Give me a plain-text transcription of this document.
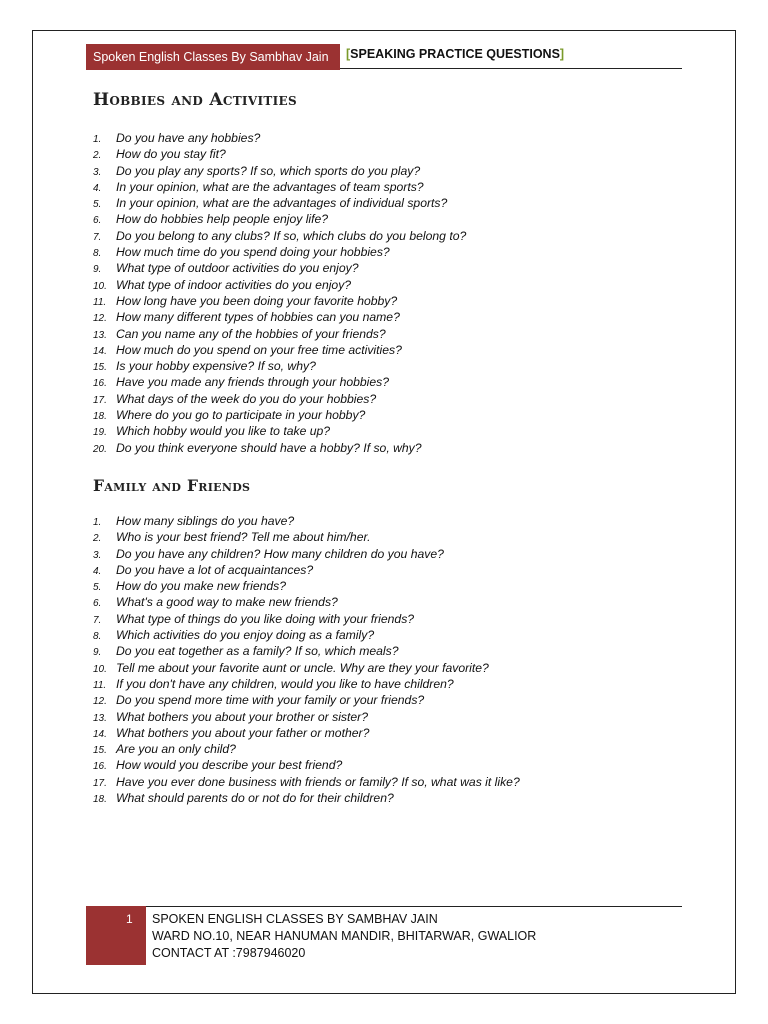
Spoken English Classes By Sambhav Jain	[SPEAKING PRACTICE QUESTIONS]
Hobbies and Activities
1. Do you have any hobbies?
2. How do you stay fit?
3. Do you play any sports? If so, which sports do you play?
4. In your opinion, what are the advantages of team sports?
5. In your opinion, what are the advantages of individual sports?
6. How do hobbies help people enjoy life?
7. Do you belong to any clubs? If so, which clubs do you belong to?
8. How much time do you spend doing your hobbies?
9. What type of outdoor activities do you enjoy?
10. What type of indoor activities do you enjoy?
11. How long have you been doing your favorite hobby?
12. How many different types of hobbies can you name?
13. Can you name any of the hobbies of your friends?
14. How much do you spend on your free time activities?
15. Is your hobby expensive? If so, why?
16. Have you made any friends through your hobbies?
17. What days of the week do you do your hobbies?
18. Where do you go to participate in your hobby?
19. Which hobby would you like to take up?
20. Do you think everyone should have a hobby? If so, why?
Family and Friends
1. How many siblings do you have?
2. Who is your best friend? Tell me about him/her.
3. Do you have any children? How many children do you have?
4. Do you have a lot of acquaintances?
5. How do you make new friends?
6. What's a good way to make new friends?
7. What type of things do you like doing with your friends?
8. Which activities do you enjoy doing as a family?
9. Do you eat together as a family? If so, which meals?
10. Tell me about your favorite aunt or uncle. Why are they your favorite?
11. If you don't have any children, would you like to have children?
12. Do you spend more time with your family or your friends?
13. What bothers you about your brother or sister?
14. What bothers you about your father or mother?
15. Are you an only child?
16. How would you describe your best friend?
17. Have you ever done business with friends or family? If so, what was it like?
18. What should parents do or not do for their children?
1 SPOKEN ENGLISH CLASSES BY SAMBHAV JAIN
WARD NO.10, NEAR HANUMAN MANDIR, BHITARWAR, GWALIOR
CONTACT AT :7987946020
